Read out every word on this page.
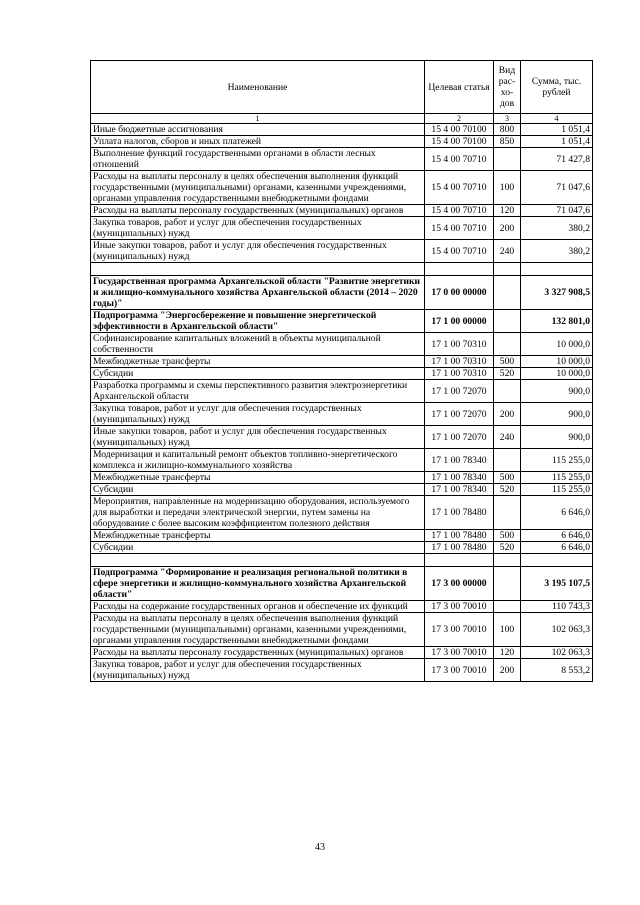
Наименование	Целевая статья	Вид рас-хо-дов	Сумма, тыс. рублей
1	2	3	4
Иные бюджетные ассигнования	15 4 00 70100	800	1 051,4
Уплата налогов, сборов и иных платежей	15 4 00 70100	850	1 051,4
Выполнение функций государственными органами в области лесных отношений	15 4 00 70710		71 427,8
Расходы на выплаты персоналу в целях обеспечения выполнения функций государственными (муниципальными) органами, казенными учреждениями, органами управления государственными внебюджетными фондами	15 4 00 70710	100	71 047,6
Расходы на выплаты персоналу государственных (муниципальных) органов	15 4 00 70710	120	71 047,6
Закупка товаров, работ и услуг для обеспечения государственных (муниципальных) нужд	15 4 00 70710	200	380,2
Иные закупки товаров, работ и услуг для обеспечения государственных (муниципальных) нужд	15 4 00 70710	240	380,2

Государственная программа Архангельской области "Развитие энергетики и жилищно-коммунального хозяйства Архангельской области (2014 – 2020 годы)"	17 0 00 00000		3 327 908,5
Подпрограмма "Энергосбережение и повышение энергетической эффективности в Архангельской области"	17 1 00 00000		132 801,0
Софинансирование капитальных вложений в объекты муниципальной собственности	17 1 00 70310		10 000,0
Межбюджетные трансферты	17 1 00 70310	500	10 000,0
Субсидии	17 1 00 70310	520	10 000,0
Разработка программы и схемы перспективного развития электроэнергетики Архангельской области	17 1 00 72070		900,0
Закупка товаров, работ и услуг для обеспечения государственных (муниципальных) нужд	17 1 00 72070	200	900,0
Иные закупки товаров, работ и услуг для обеспечения государственных (муниципальных) нужд	17 1 00 72070	240	900,0
Модернизация и капитальный ремонт объектов топливно-энергетического комплекса и жилищно-коммунального хозяйства	17 1 00 78340		115 255,0
Межбюджетные трансферты	17 1 00 78340	500	115 255,0
Субсидии	17 1 00 78340	520	115 255,0
Мероприятия, направленные на модернизацию оборудования, используемого для выработки и передачи электрической энергии, путем замены на оборудование с более высоким коэффициентом полезного действия	17 1 00 78480		6 646,0
Межбюджетные трансферты	17 1 00 78480	500	6 646,0
Субсидии	17 1 00 78480	520	6 646,0

Подпрограмма "Формирование и реализация региональной политики в сфере энергетики и жилищно-коммунального хозяйства Архангельской области"	17 3 00 00000		3 195 107,5
Расходы на содержание государственных органов и обеспечение их функций	17 3 00 70010		110 743,3
Расходы на выплаты персоналу в целях обеспечения выполнения функций государственными (муниципальными) органами, казенными учреждениями, органами управления государственными внебюджетными фондами	17 3 00 70010	100	102 063,3
Расходы на выплаты персоналу государственных (муниципальных) органов	17 3 00 70010	120	102 063,3
Закупка товаров, работ и услуг для обеспечения государственных (муниципальных) нужд	17 3 00 70010	200	8 553,2
43
